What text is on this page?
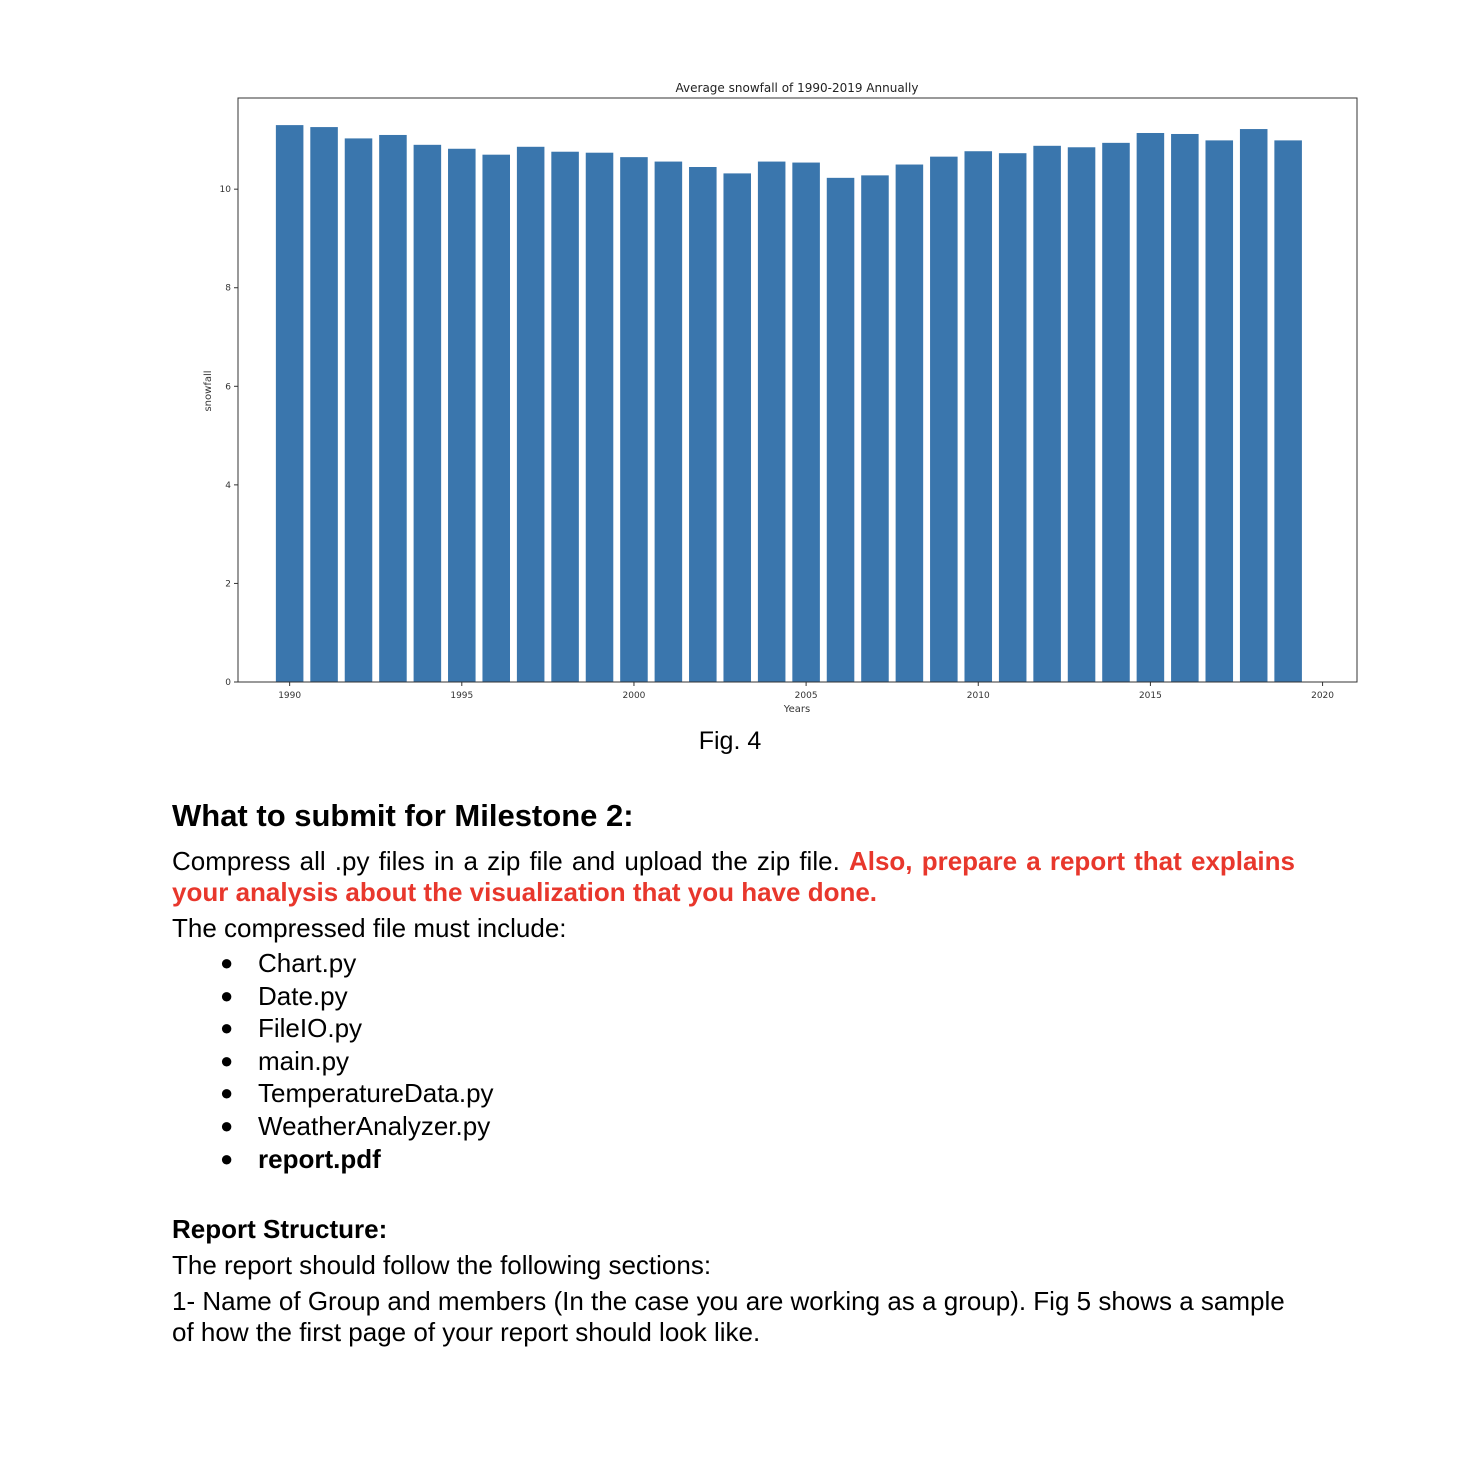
Average snowfall of 1990-2019 Annually
1990	1995	2000	2005	2010	2015	2020
0
2
4
6
8
10
Years
snowfall
Fig. 4
What to submit for Milestone 2:

Compress all .py files in a zip file and upload the zip file. Also, prepare a report that explains your analysis about the visualization that you have done.

The compressed file must include:

● Chart.py
● Date.py
● FileIO.py
● main.py
● TemperatureData.py
● WeatherAnalyzer.py
● report.pdf
Report Structure:

The report should follow the following sections:

1- Name of Group and members (In the case you are working as a group). Fig 5 shows a sample of how the first page of your report should look like.
